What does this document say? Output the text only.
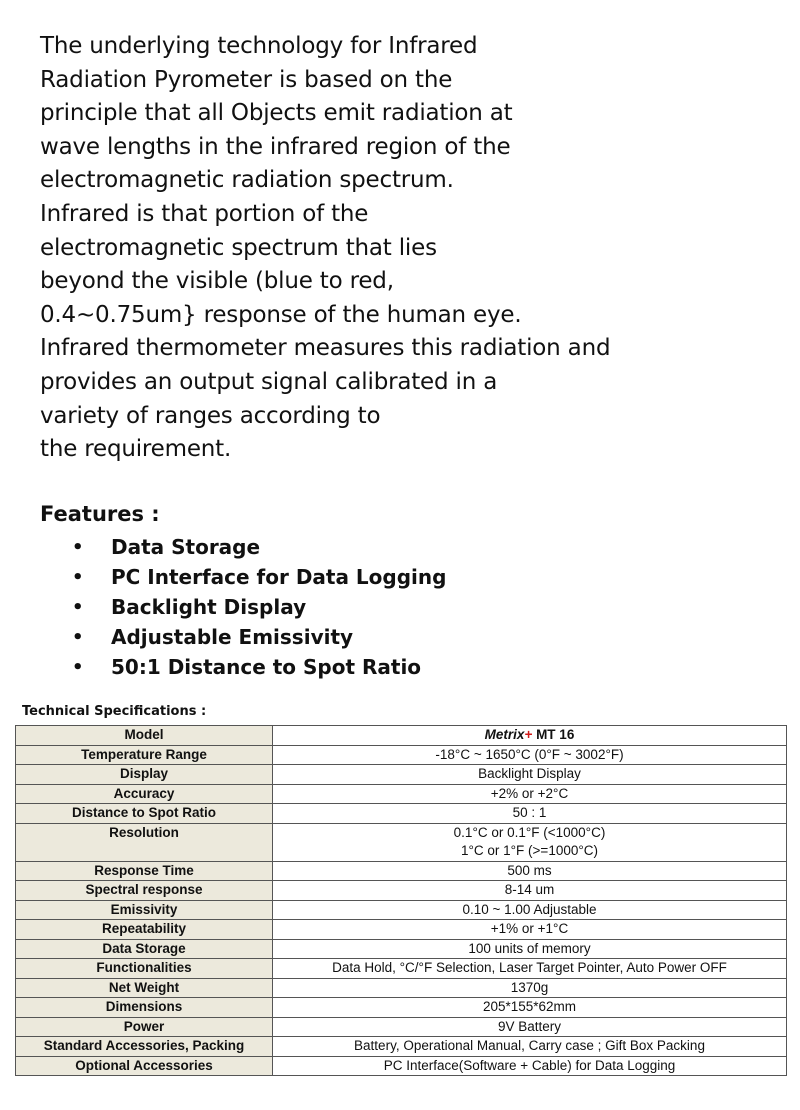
The underlying technology for Infrared

Radiation Pyrometer is based on the

principle that all Objects emit radiation at

wave lengths in the infrared region of the

electromagnetic radiation spectrum.

Infrared is that portion of the

electromagnetic spectrum that lies

beyond the visible (blue to red,

0.4~0.75um} response of the human eye.

Infrared thermometer measures this radiation and

provides an output signal calibrated in a

variety of ranges according to

the requirement.

Features :
•	Data Storage
•	PC Interface for Data Logging
•	Backlight Display
•	Adjustable Emissivity
•	50:1 Distance to Spot Ratio

Technical Specifications :

Model	Metrix+ MT 16
Temperature Range	-18°C ~ 1650°C (0°F ~ 3002°F)
Display	Backlight Display
Accuracy	+2% or +2°C
Distance to Spot Ratio	50 : 1
Resolution	0.1°C or 0.1°F (<1000°C)
1°C or 1°F (>=1000°C)

Response Time	500 ms
Spectral response	8-14 um
Emissivity	0.10 ~ 1.00 Adjustable
Repeatability	+1% or +1°C
Data Storage	100 units of memory
Functionalities	Data Hold, °C/°F Selection, Laser Target Pointer, Auto Power OFF
Net Weight	1370g
Dimensions	205*155*62mm
Power	9V Battery
Standard Accessories, Packing	Battery, Operational Manual, Carry case ; Gift Box Packing
Optional Accessories	PC Interface(Software + Cable) for Data Logging
